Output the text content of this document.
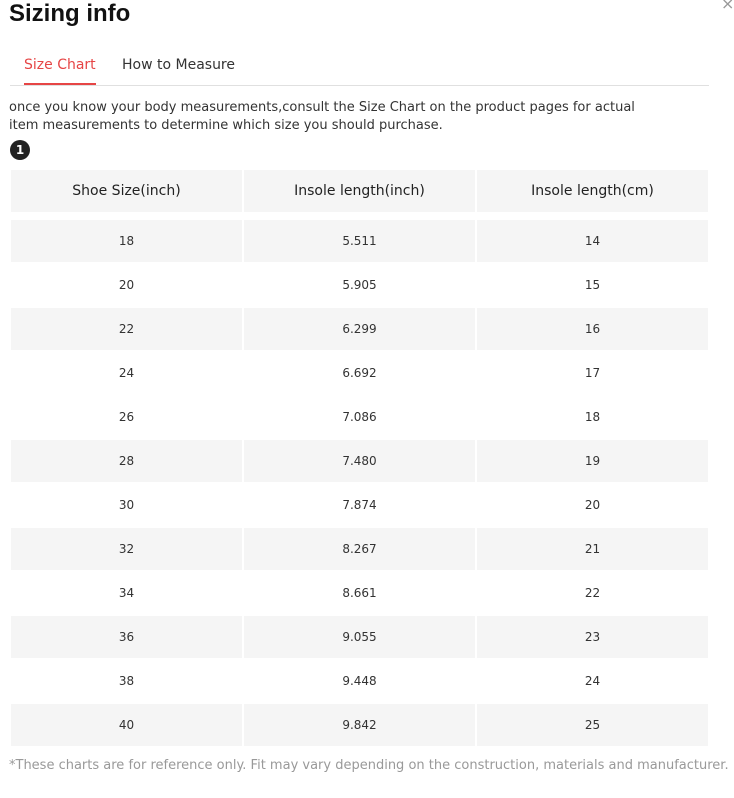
Sizing info	×
Size Chart How to Measure
once you know your body measurements,consult the Size Chart on the product pages for actual item measurements to determine which size you should purchase.
1
Shoe Size(inch)	Insole length(inch)	Insole length(cm)

18	5.511	14
20	5.905	15
22	6.299	16
24	6.692	17
26	7.086	18
28	7.480	19
30	7.874	20
32	8.267	21
34	8.661	22
36	9.055	23
38	9.448	24
40	9.842	25
*These charts are for reference only. Fit may vary depending on the construction, materials and manufacturer.
